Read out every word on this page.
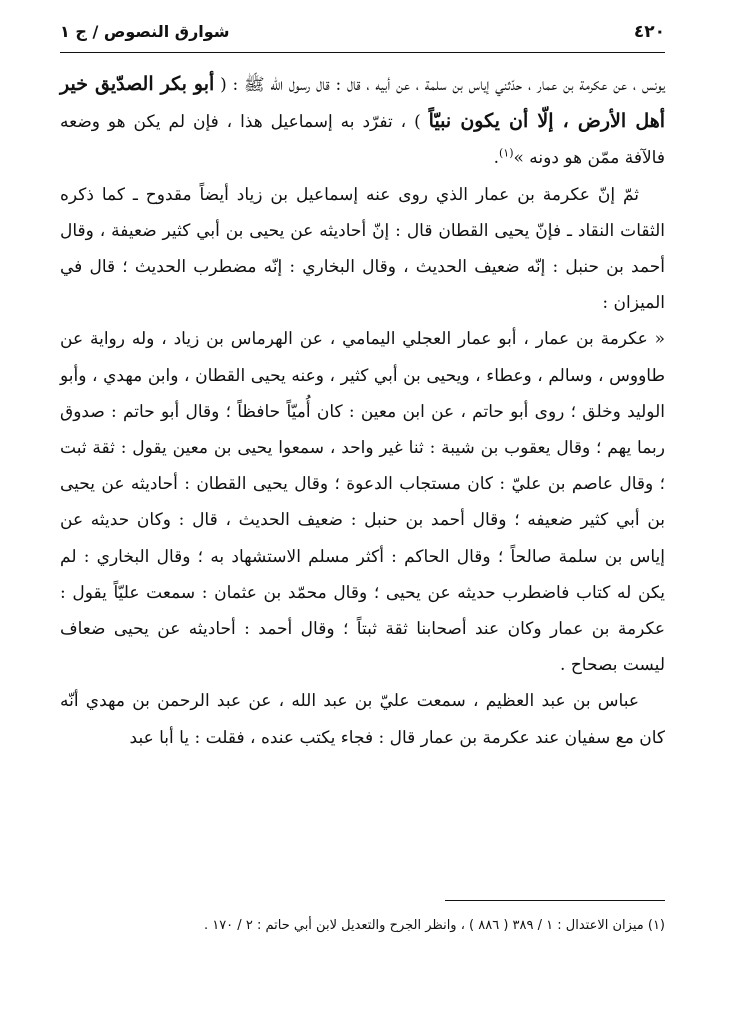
٤٢٠
شوارق النصوص / ج ١

يونس ، عن عكرمة بن عمار ، حدّثني إياس بن سلمة ، عن أبيه ، قال : قال رسول الله ﷺ : ( أبو بكر الصدّيق خير أهل الأرض ، إلّا أن يكون نبيّاً ) ، تفرّد به إسماعيل هذا ، فإن لم يكن هو وضعه فالآفة ممّن هو دونه »$^{(١)}$.

ثمّ إنّ عكرمة بن عمار الذي روى عنه إسماعيل بن زياد أيضاً مقدوح ـ كما ذكره الثقات النقاد ـ فإنّ يحيى القطان قال : إنّ أحاديثه عن يحيى بن أبي كثير ضعيفة ، وقال أحمد بن حنبل : إنّه ضعيف الحديث ، وقال البخاري : إنّه مضطرب الحديث ؛ قال في الميزان :

« عكرمة بن عمار ، أبو عمار العجلي اليمامي ، عن الهرماس بن زياد ، وله رواية عن طاووس ، وسالم ، وعطاء ، ويحيى بن أبي كثير ، وعنه يحيى القطان ، وابن مهدي ، وأبو الوليد وخلق ؛ روى أبو حاتم ، عن ابن معين : كان أُميّاً حافظاً ؛ وقال أبو حاتم : صدوق ربما يهم ؛ وقال يعقوب بن شيبة : ثنا غير واحد ، سمعوا يحيى بن معين يقول : ثقة ثبت ؛ وقال عاصم بن عليّ : كان مستجاب الدعوة ؛ وقال يحيى القطان : أحاديثه عن يحيى بن أبي كثير ضعيفه ؛ وقال أحمد بن حنبل : ضعيف الحديث ، قال : وكان حديثه عن إياس بن سلمة صالحاً ؛ وقال الحاكم : أكثر مسلم الاستشهاد به ؛ وقال البخاري : لم يكن له كتاب فاضطرب حديثه عن يحيى ؛ وقال محمّد بن عثمان : سمعت عليّاً يقول : عكرمة بن عمار وكان عند أصحابنا ثقة ثبتاً ؛ وقال أحمد : أحاديثه عن يحيى ضعاف ليست بصحاح .

عباس بن عبد العظيم ، سمعت عليّ بن عبد الله ، عن عبد الرحمن بن مهدي أنّه كان مع سفيان عند عكرمة بن عمار قال : فجاء يكتب عنده ، فقلت : يا أبا عبد

(١) ميزان الاعتدال : ١ / ٣٨٩ ( ٨٨٦ ) ، وانظر الجرح والتعديل لابن أبي حاتم : ٢ / ١٧٠ .
